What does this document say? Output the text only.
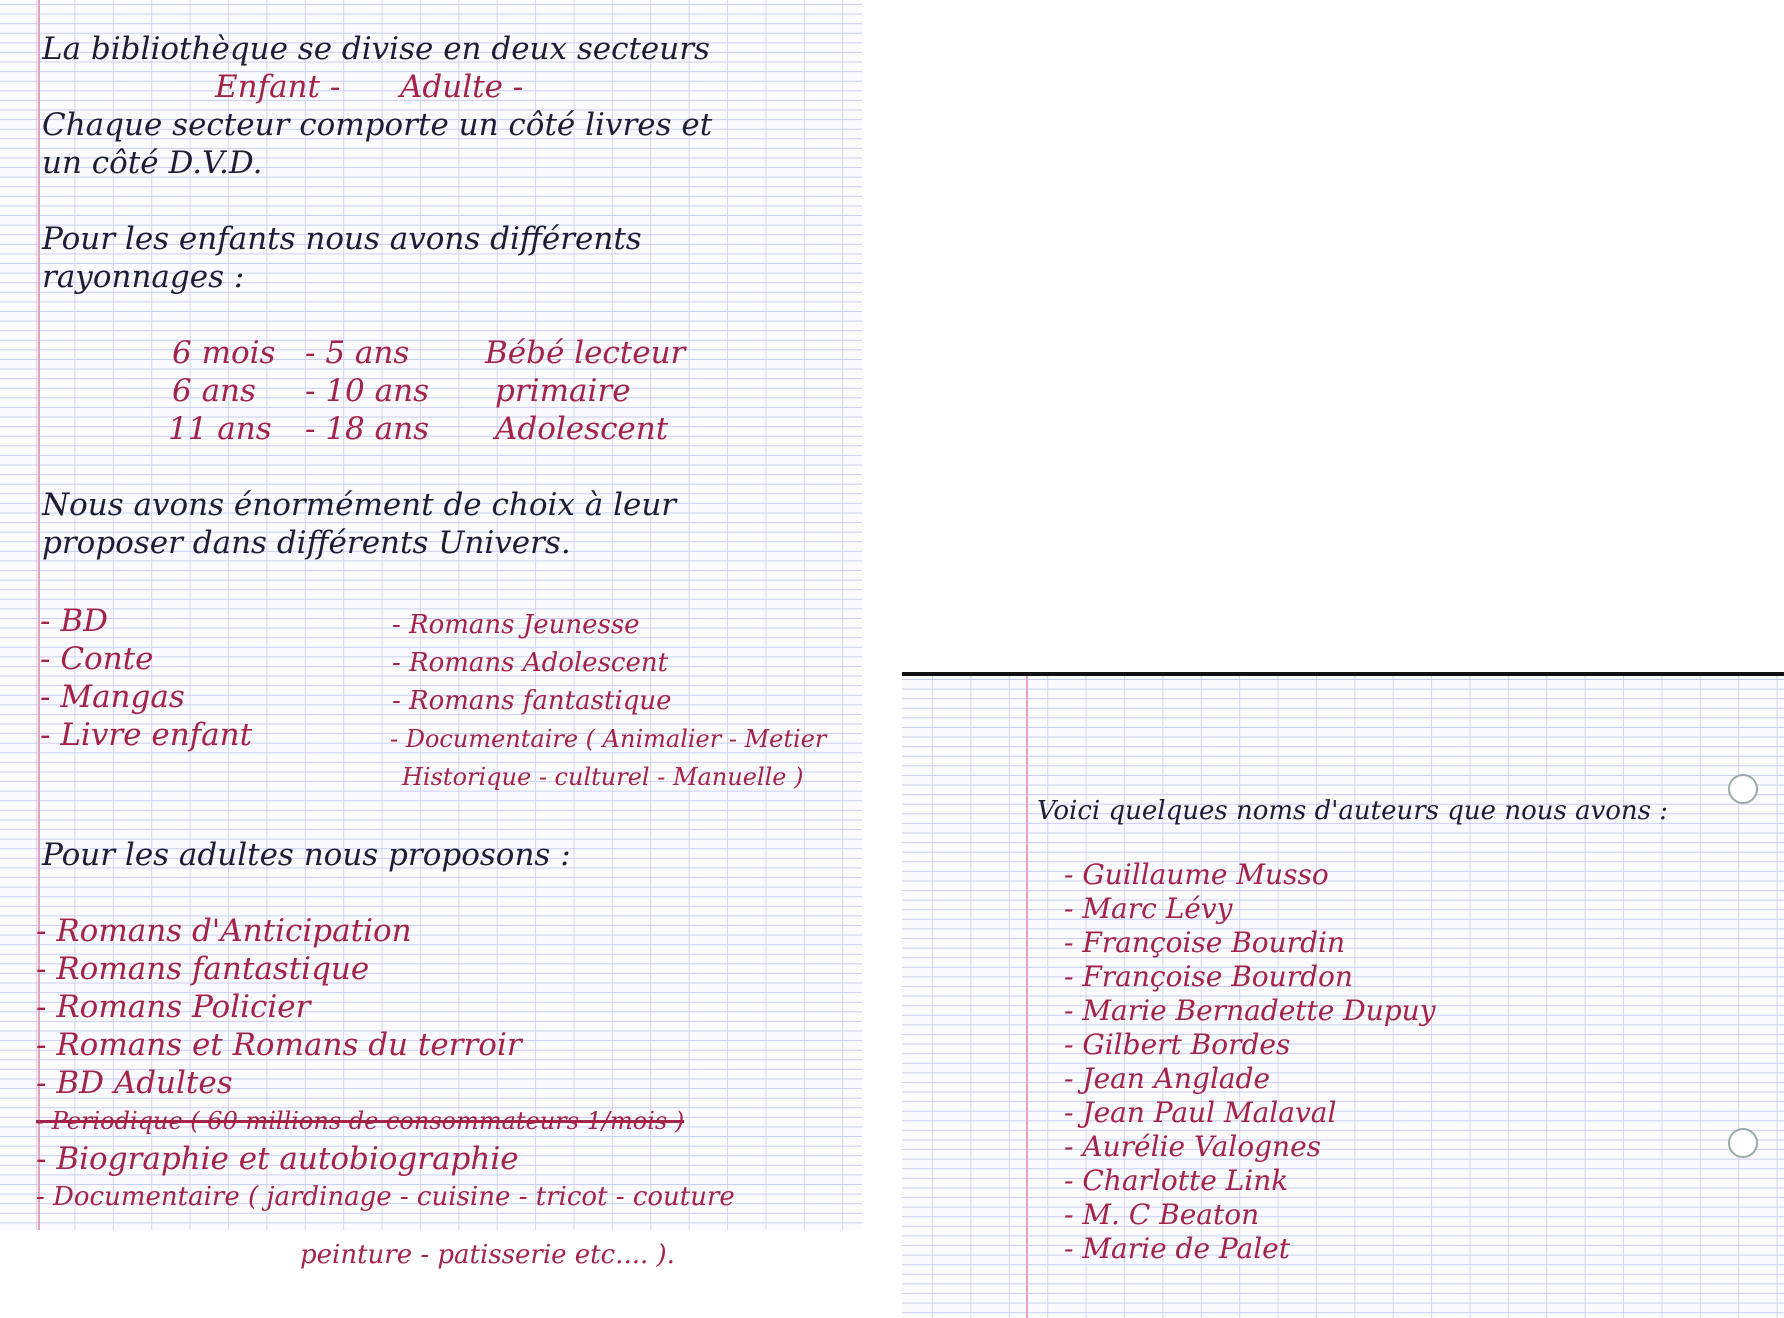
La bibliothèque se divise en deux secteurs

Enfant - Adulte -

Chaque secteur comporte un côté livres et

un côté D.V.D.

Pour les enfants nous avons différents

rayonnages :

6 mois - 5 ans Bébé lecteur

6 ans - 10 ans primaire

11 ans - 18 ans Adolescent

Nous avons énormément de choix à leur

proposer dans différents Univers.

- BD

- Conte

- Mangas

- Livre enfant

- Romans Jeunesse

- Romans Adolescent

- Romans fantastique

- Documentaire ( Animalier - Metier

Historique - culturel - Manuelle )

Pour les adultes nous proposons :

- Romans d'Anticipation

- Romans fantastique

- Romans Policier

- Romans et Romans du terroir

- BD Adultes

- Periodique ( 60 millions de consommateurs 1/mois )

- Biographie et autobiographie

- Documentaire ( jardinage - cuisine - tricot - couture

peinture - patisserie etc.... ).

Voici quelques noms d'auteurs que nous avons :

- Guillaume Musso

- Marc Lévy

- Françoise Bourdin

- Françoise Bourdon

- Marie Bernadette Dupuy

- Gilbert Bordes

- Jean Anglade

- Jean Paul Malaval

- Aurélie Valognes

- Charlotte Link

- M. C Beaton

- Marie de Palet
